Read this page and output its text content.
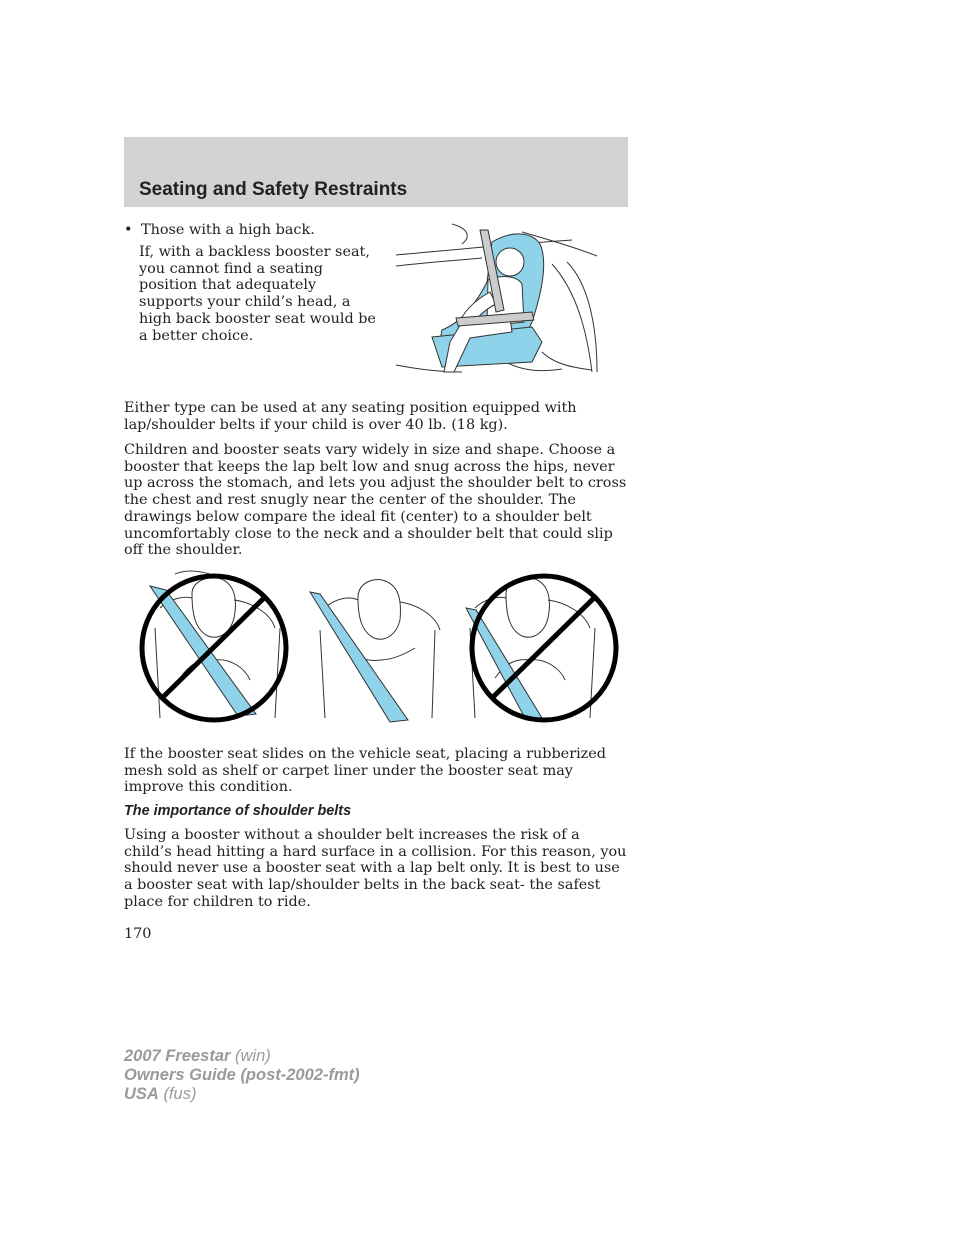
Seating and Safety Restraints

• Those with a high back.

If, with a backless booster seat, you cannot find a seating position that adequately supports your child’s head, a high back booster seat would be a better choice.

Either type can be used at any seating position equipped with lap/shoulder belts if your child is over 40 lb. (18 kg).

Children and booster seats vary widely in size and shape. Choose a booster that keeps the lap belt low and snug across the hips, never up across the stomach, and lets you adjust the shoulder belt to cross the chest and rest snugly near the center of the shoulder. The drawings below compare the ideal fit (center) to a shoulder belt uncomfortably close to the neck and a shoulder belt that could slip off the shoulder.

If the booster seat slides on the vehicle seat, placing a rubberized mesh sold as shelf or carpet liner under the booster seat may improve this condition.

The importance of shoulder belts

Using a booster without a shoulder belt increases the risk of a child’s head hitting a hard surface in a collision. For this reason, you should never use a booster seat with a lap belt only. It is best to use a booster seat with lap/shoulder belts in the back seat- the safest place for children to ride.

170

2007 Freestar (win)
Owners Guide (post-2002-fmt)
USA (fus)
